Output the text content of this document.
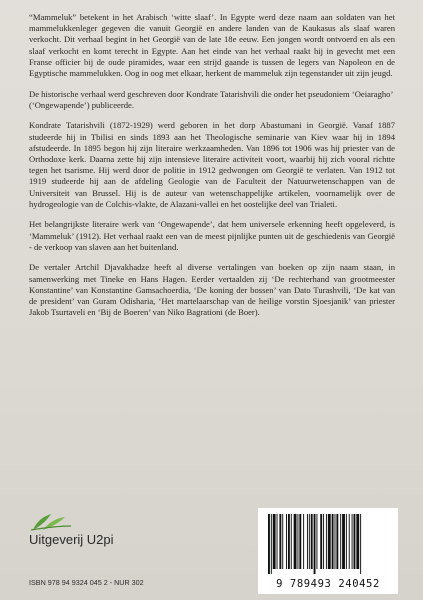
“Mammeluk” betekent in het Arabisch ‘witte slaaf’. In Egypte werd deze naam aan soldaten van het mammelukkenleger gegeven die vanuit Georgië en andere landen van de Kaukasus als slaaf waren verkocht. Dit verhaal begint in het Georgië van de late 18e eeuw. Een jongen wordt ontvoerd en als een slaaf verkocht en komt terecht in Egypte. Aan het einde van het verhaal raakt hij in gevecht met een Franse officier bij de oude piramides, waar een strijd gaande is tussen de legers van Napoleon en de Egyptische mammelukken. Oog in oog met elkaar, herkent de mammeluk zijn tegenstander uit zijn jeugd.

De historische verhaal werd geschreven door Kondrate Tatarishvili die onder het pseudoniem ‘Oeiaragho’ (‘Ongewapende’) publiceerde.

Kondrate Tatarishvili (1872-1929) werd geboren in het dorp Abastumani in Georgië. Vanaf 1887 studeerde hij in Tbilisi en sinds 1893 aan het Theologische seminarie van Kiev waar hij in 1894 afstudeerde. In 1895 begon hij zijn literaire werkzaamheden. Van 1896 tot 1906 was hij priester van de Orthodoxe kerk. Daarna zette hij zijn intensieve literaire activiteit voort, waarbij hij zich vooral richtte tegen het tsarisme. Hij werd door de politie in 1912 gedwongen om Georgië te verlaten. Van 1912 tot 1919 studeerde hij aan de afdeling Geologie van de Faculteit der Natuurwetenschappen van de Universiteit van Brussel. Hij is de auteur van wetenschappelijke artikelen, voornamelijk over de hydrogeologie van de Colchis-vlakte, de Alazani-vallei en het oostelijke deel van Trialeti.

Het belangrijkste literaire werk van ‘Ongewapende’, dat hem universele erkenning heeft opgeleverd, is ‘Mammeluk’ (1912). Het verhaal raakt een van de meest pijnlijke punten uit de geschiedenis van Georgië - de verkoop van slaven aan het buitenland.

De vertaler Artchil Djavakhadze heeft al diverse vertalingen van boeken op zijn naam staan, in samenwerking met Tineke en Hans Hagen. Eerder vertaalden zij ‘De rechterhand van grootmeester Konstantine’ van Konstantine Gamsachoerdia, ‘De koning der bossen’ van Dato Turashvili, ‘De kat van de president’ van Guram Odisharia, ‘Het martelaarschap van de heilige vorstin Sjoesjanik’ van priester Jakob Tsurtaveli en ‘Bij de Boeren’ van Niko Bagrationi (de Boer).

Uitgeverij U2pi
ISBN 978 94 9324 045 2 - NUR 302	9 789493 240452
